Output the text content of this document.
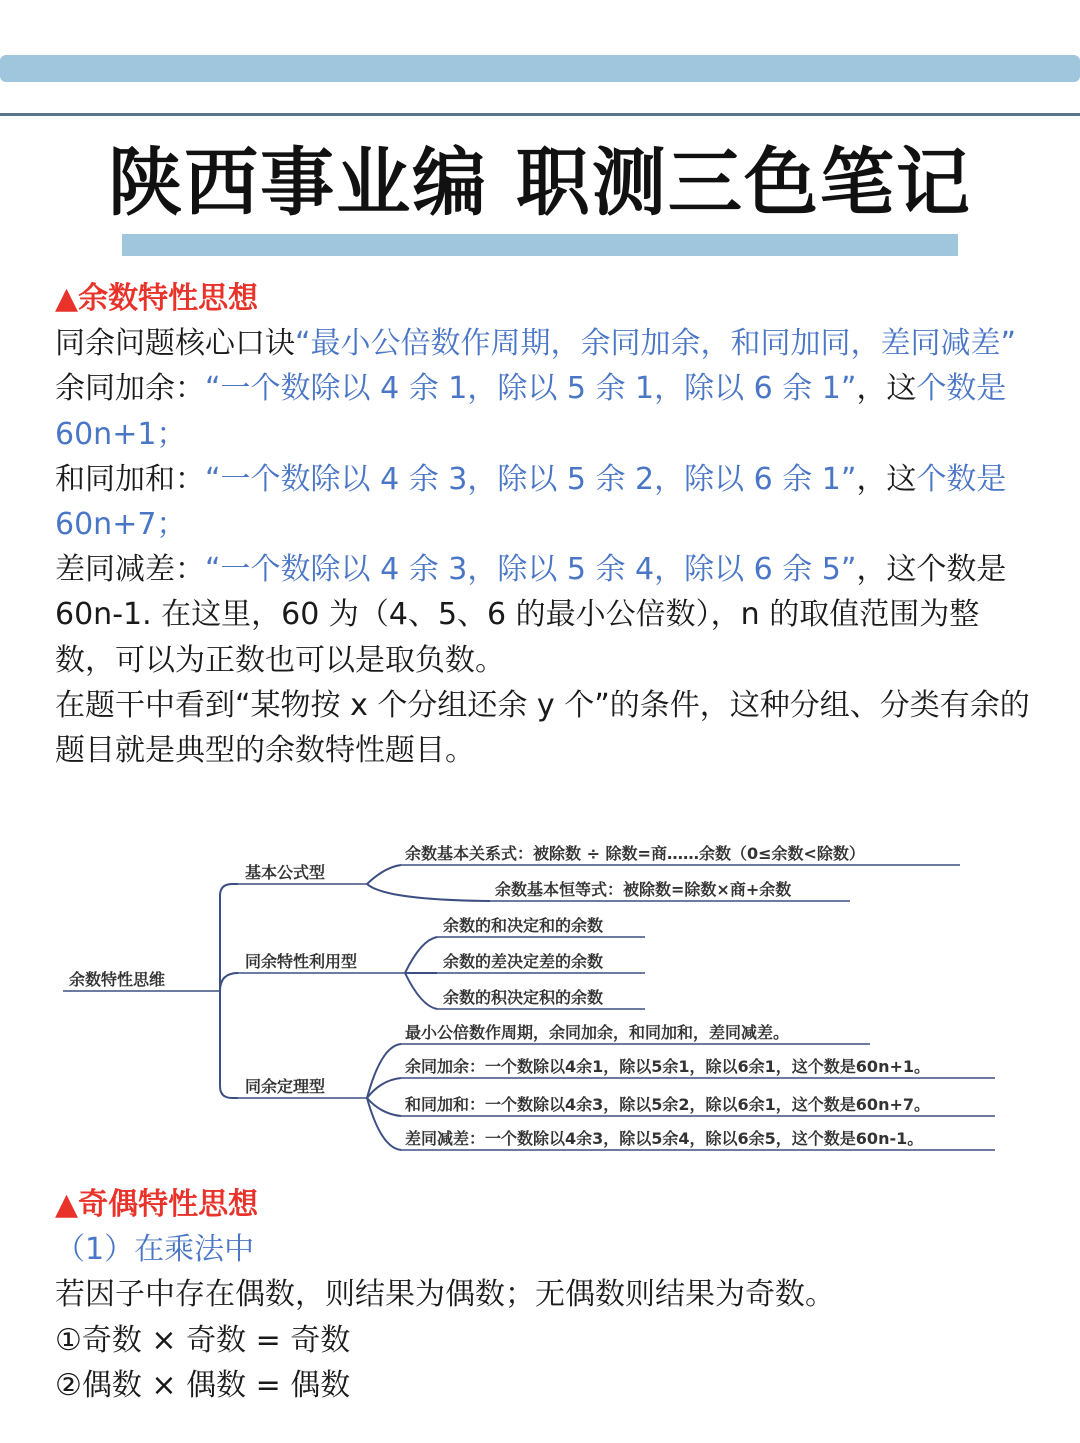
陕西事业编 职测三色笔记

▲余数特性思想

同余问题核心口诀“最小公倍数作周期，余同加余，和同加同，差同减差”

余同加余：“一个数除以 4 余 1，除以 5 余 1，除以 6 余 1”，这个数是 60n+1；

和同加和：“一个数除以 4 余 3，除以 5 余 2，除以 6 余 1”，这个数是 60n+7；

差同减差：“一个数除以 4 余 3，除以 5 余 4，除以 6 余 5”，这个数是 60n-1. 在这里，60 为（4、5、6 的最小公倍数），n 的取值范围为整数，可以为正数也可以是取负数。

在题干中看到“某物按 x 个分组还余 y 个”的条件，这种分组、分类有余的题目就是典型的余数特性题目。

余数特性思维
基本公式型
余数基本关系式：被除数 ÷ 除数=商……余数（0≤余数<除数）
余数基本恒等式：被除数=除数×商+余数
同余特性利用型
余数的和决定和的余数
余数的差决定差的余数
余数的积决定积的余数
同余定理型
最小公倍数作周期，余同加余，和同加和，差同减差。
余同加余：一个数除以4余1，除以5余1，除以6余1，这个数是60n+1。
和同加和：一个数除以4余3，除以5余2，除以6余1，这个数是60n+7。
差同减差：一个数除以4余3，除以5余4，除以6余5，这个数是60n-1。

▲奇偶特性思想

（1）在乘法中

若因子中存在偶数，则结果为偶数；无偶数则结果为奇数。

①奇数 × 奇数 = 奇数

②偶数 × 偶数 = 偶数
